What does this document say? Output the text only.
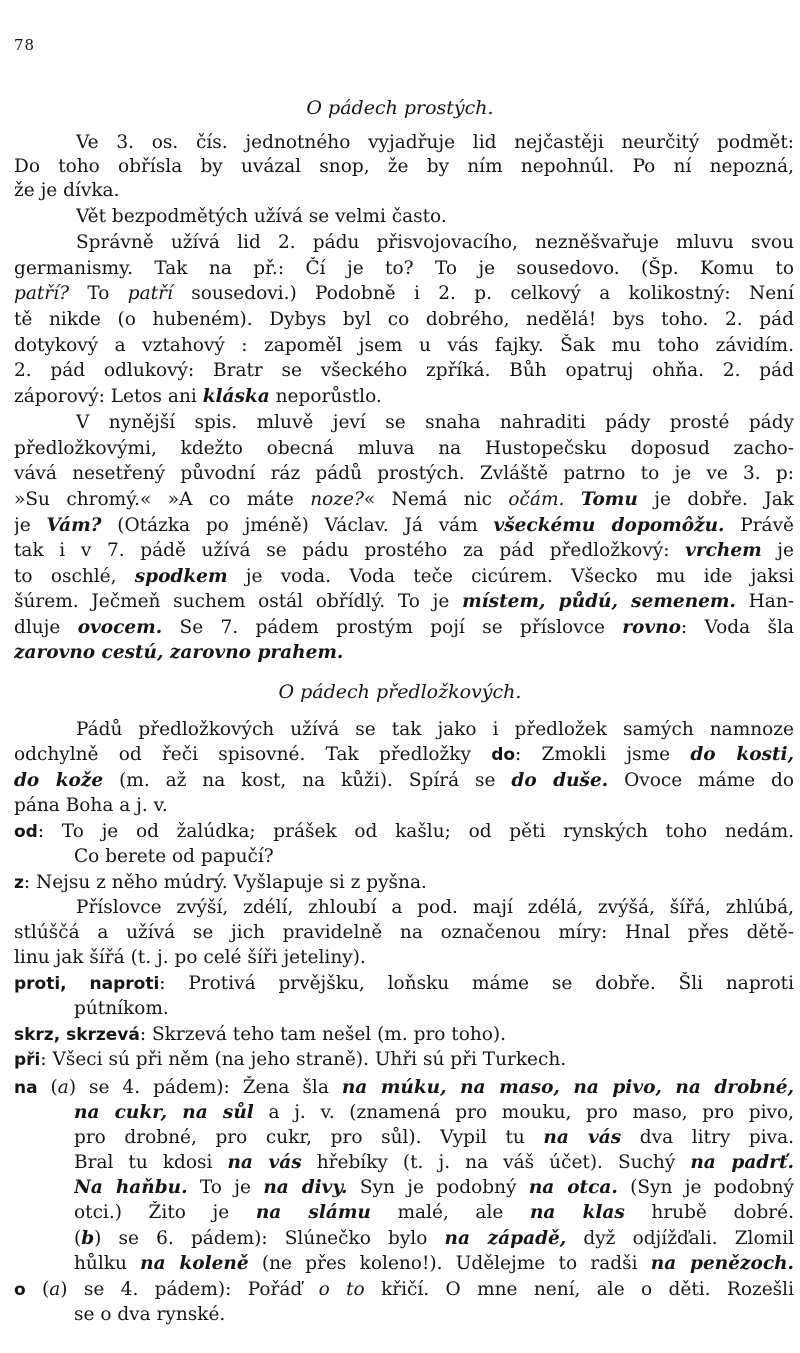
78
O pádech prostých.
O pádech předložkových.
Ve 3. os. čís. jednotného vyjadřuje lid nejčastěji neurčitý podmět:
Do toho obřísla by uvázal snop, že by ním nepohnúl. Po ní nepozná,
že je dívka.
Vět bezpodmětých užívá se velmi často.
Správně užívá lid 2. pádu přisvojovacího, nezněšvařuje mluvu svou
germanismy. Tak na př.: Čí je to? To je sousedovo. (Šp. Komu to
patří? To patří sousedovi.) Podobně i 2. p. celkový a kolikostný: Není
tě nikde (o hubeném). Dybys byl co dobrého, nedělá! bys toho. 2. pád
dotykový a vztahový : zapoměl jsem u vás fajky. Šak mu toho závidím.
2. pád odlukový: Bratr se všeckého zpříká. Bůh opatruj ohňa. 2. pád
záporový: Letos ani kláska neporůstlo.
V nynější spis. mluvě jeví se snaha nahraditi pády prosté pády
předložkovými, kdežto obecná mluva na Hustopečsku doposud zacho-
vává nesetřený původní ráz pádů prostých. Zvláště patrno to je ve 3. p:
»Su chromý.« »A co máte noze?« Nemá nic očám. Tomu je dobře. Jak
je Vám? (Otázka po jméně) Václav. Já vám všeckému dopomôžu. Právě
tak i v 7. pádě užívá se pádu prostého za pád předložkový: vrchem je
to oschlé, spodkem je voda. Voda teče cicúrem. Všecko mu ide jaksi
šúrem. Ječmeň suchem ostál obřídlý. To je místem, půdú, semenem. Han-
dluje ovocem. Se 7. pádem prostým pojí se příslovce rovno: Voda šla
zarovno cestú, zarovno prahem.
Pádů předložkových užívá se tak jako i předložek samých namnoze
odchylně od řeči spisovné. Tak předložky do: Zmokli jsme do kosti,
do kože (m. až na kost, na kůži). Spírá se do duše. Ovoce máme do
pána Boha a j. v.
od: To je od žalúdka; prášek od kašlu; od pěti rynských toho nedám.
Co berete od papučí?
z: Nejsu z něho múdrý. Vyšlapuje si z pyšna.
Příslovce zvýší, zdélí, zhloubí a pod. mají zdélá, zvýšá, šířá, zhlúbá,
stlúščá a užívá se jich pravidelně na označenou míry: Hnal přes dětě-
linu jak šířá (t. j. po celé šíři jeteliny).
proti, naproti: Protivá prvějšku, loňsku máme se dobře. Šli naproti
pútníkom.
skrz, skrzevá: Skrzevá teho tam nešel (m. pro toho).
při: Všeci sú při něm (na jeho straně). Uhři sú při Turkech.
na (a) se 4. pádem): Žena šla na múku, na maso, na pivo, na drobné,
na cukr, na sůl a j. v. (znamená pro mouku, pro maso, pro pivo,
pro drobné, pro cukr, pro sůl). Vypil tu na vás dva litry piva.
Bral tu kdosi na vás hřebíky (t. j. na váš účet). Suchý na padrť.
Na haňbu. To je na divy. Syn je podobný na otca. (Syn je podobný
otci.) Žito je na slámu malé, ale na klas hrubě dobré.
(b) se 6. pádem): Slúnečko bylo na západě, dyž odjížďali. Zlomil
hůlku na koleně (ne přes koleno!). Udělejme to radši na penězoch.
o (a) se 4. pádem): Pořáď o to křičí. O mne není, ale o děti. Rozešli
se o dva rynské.
